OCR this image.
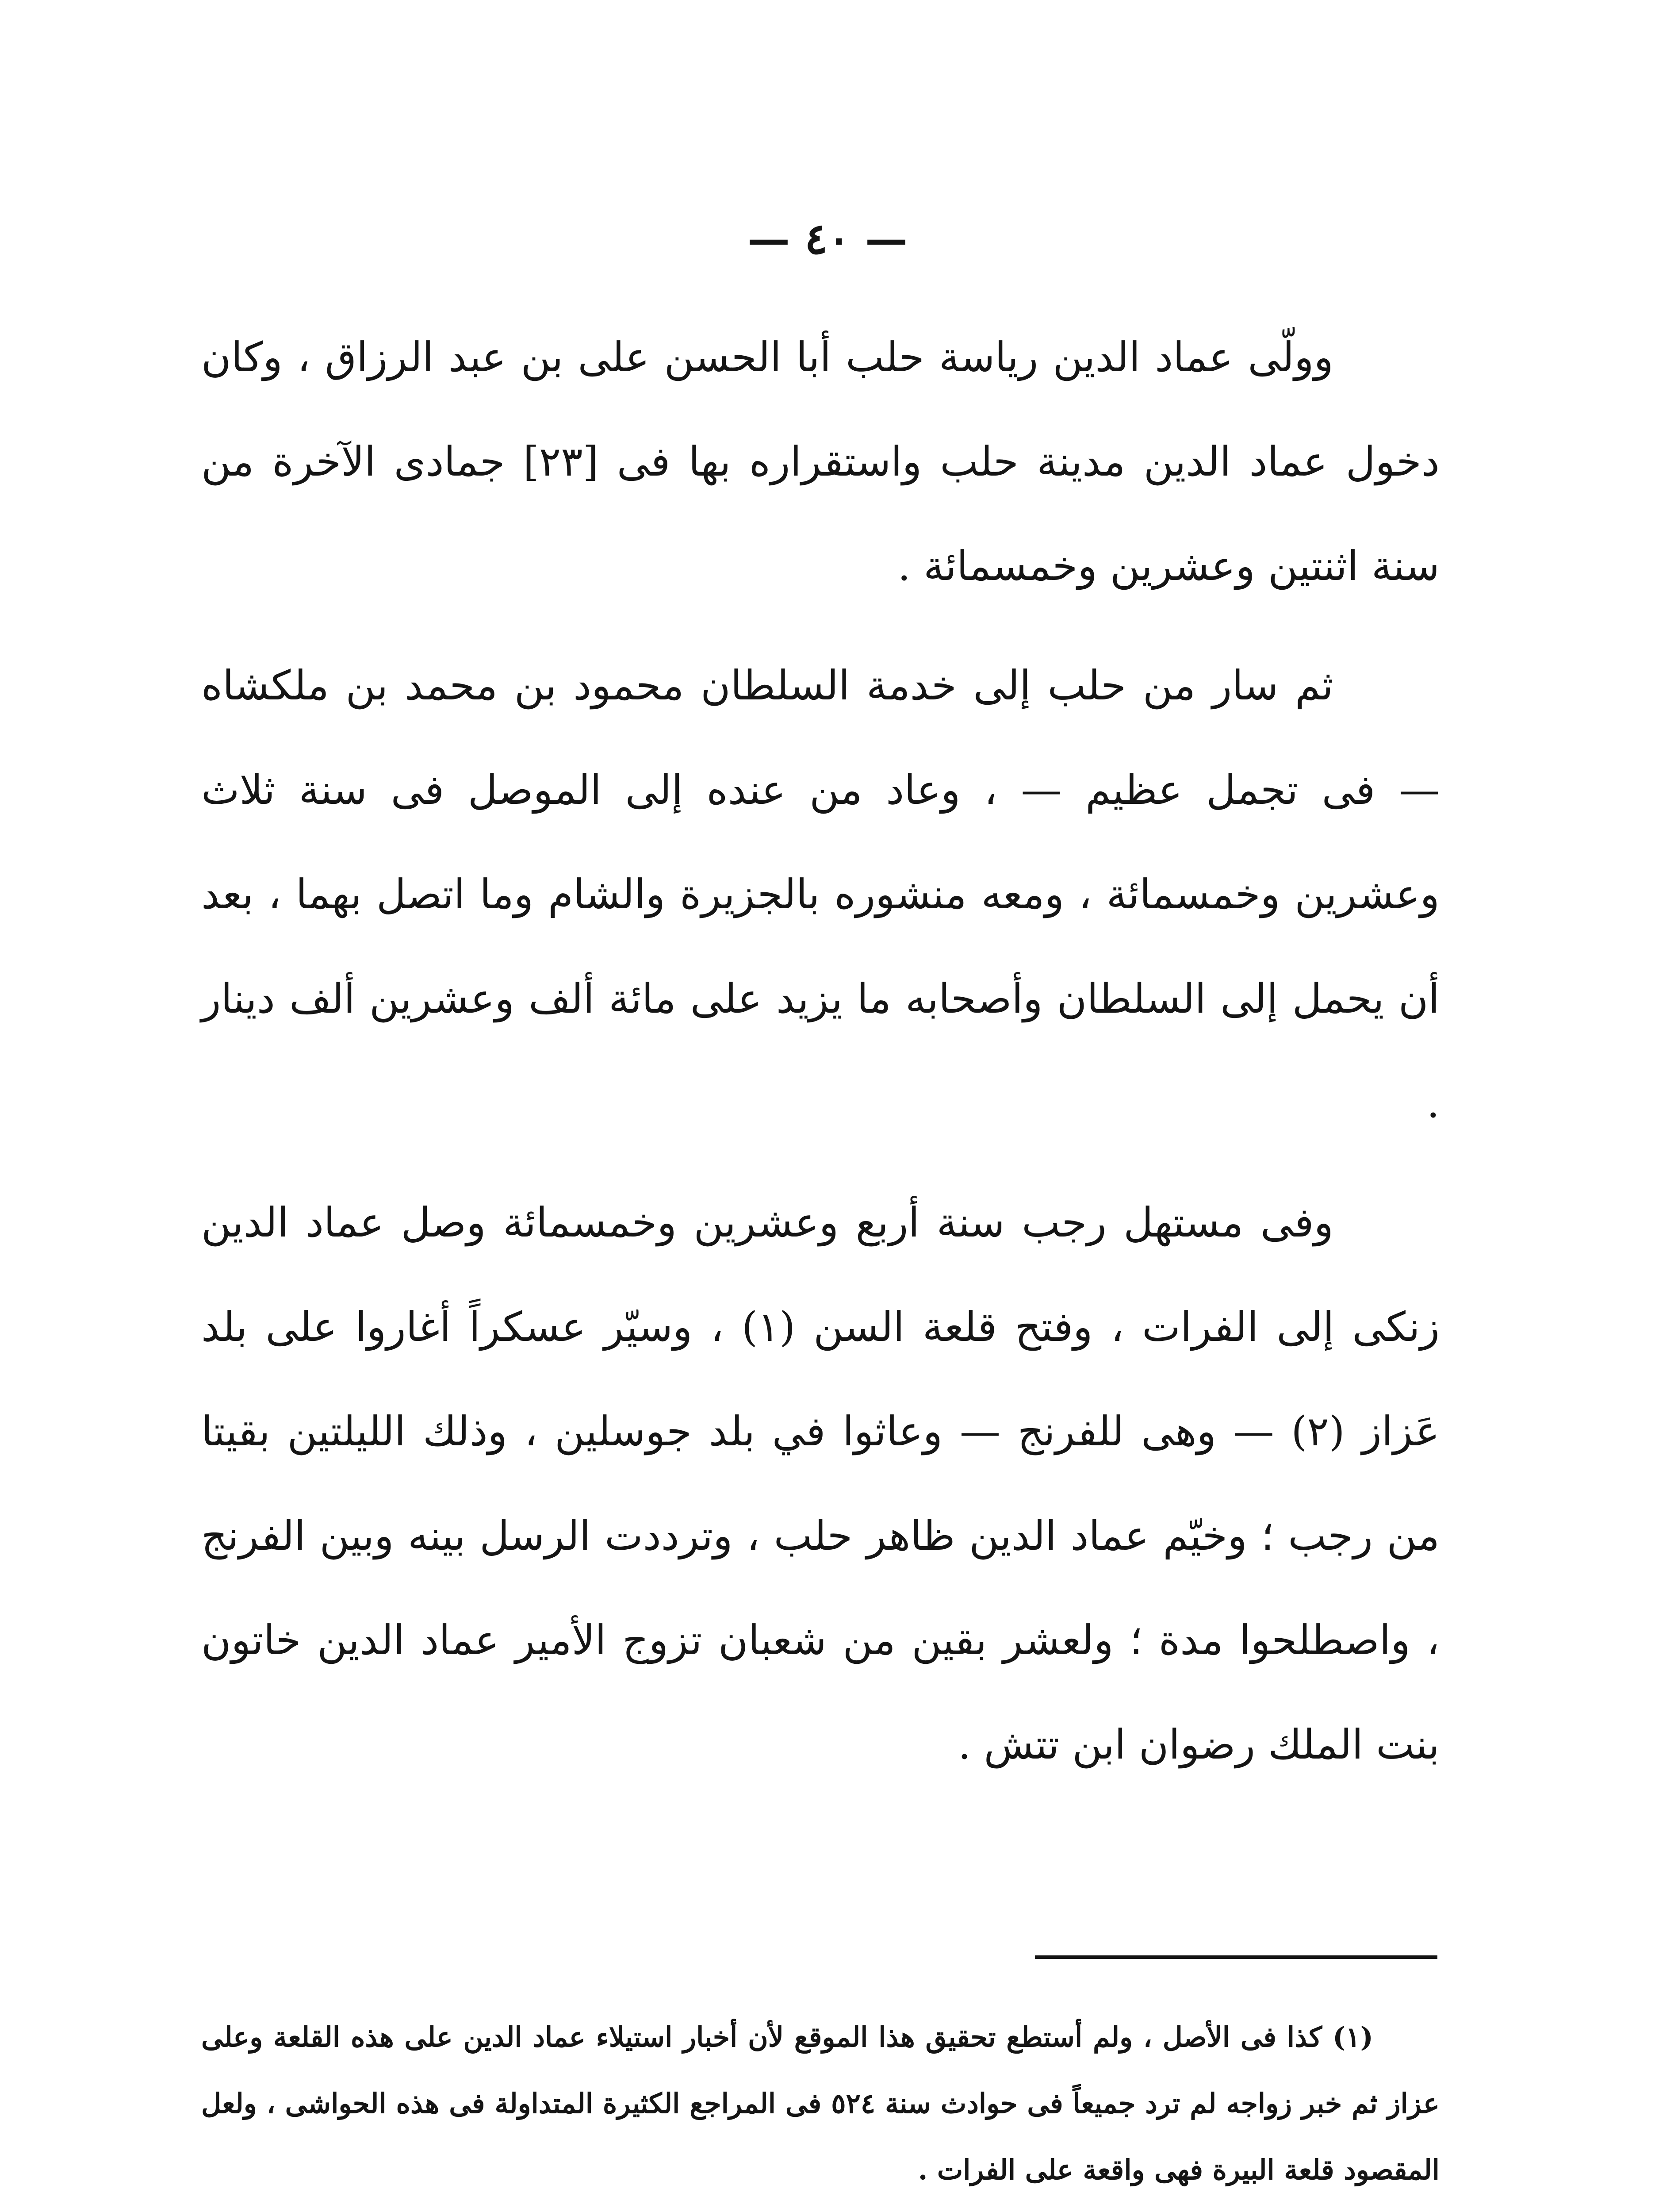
— ٤٠ —

وولّى عماد الدين رياسة حلب أبا الحسن على بن عبد الرزاق ، وكان دخول عماد الدين مدينة حلب واستقراره بها فى [٢٣] جمادى الآخرة من سنة اثنتين وعشرين وخمسمائة .

ثم سار من حلب إلى خدمة السلطان محمود بن محمد بن ملكشاه — فى تجمل عظيم — ، وعاد من عنده إلى الموصل فى سنة ثلاث وعشرين وخمسمائة ، ومعه منشوره بالجزيرة والشام وما اتصل بهما ، بعد أن يحمل إلى السلطان وأصحابه ما يزيد على مائة ألف وعشرين ألف دينار .

وفى مستهل رجب سنة أربع وعشرين وخمسمائة وصل عماد الدين زنكى إلى الفرات ، وفتح قلعة السن (١) ، وسيّر عسكراً أغاروا على بلد عَزاز (٢) — وهى للفرنج — وعاثوا في بلد جوسلين ، وذلك الليلتين بقيتا من رجب ؛ وخيّم عماد الدين ظاهر حلب ، وترددت الرسل بينه وبين الفرنج ، واصطلحوا مدة ؛ ولعشر بقين من شعبان تزوج الأمير عماد الدين خاتون بنت الملك رضوان ابن تتش .

(١) كذا فى الأصل ، ولم أستطع تحقيق هذا الموقع لأن أخبار استيلاء عماد الدين على هذه القلعة وعلى عزاز ثم خبر زواجه لم ترد جميعاً فى حوادث سنة ٥٢٤ فى المراجع الكثيرة المتداولة فى هذه الحواشى ، ولعل المقصود قلعة البيرة فهى واقعة على الفرات .
